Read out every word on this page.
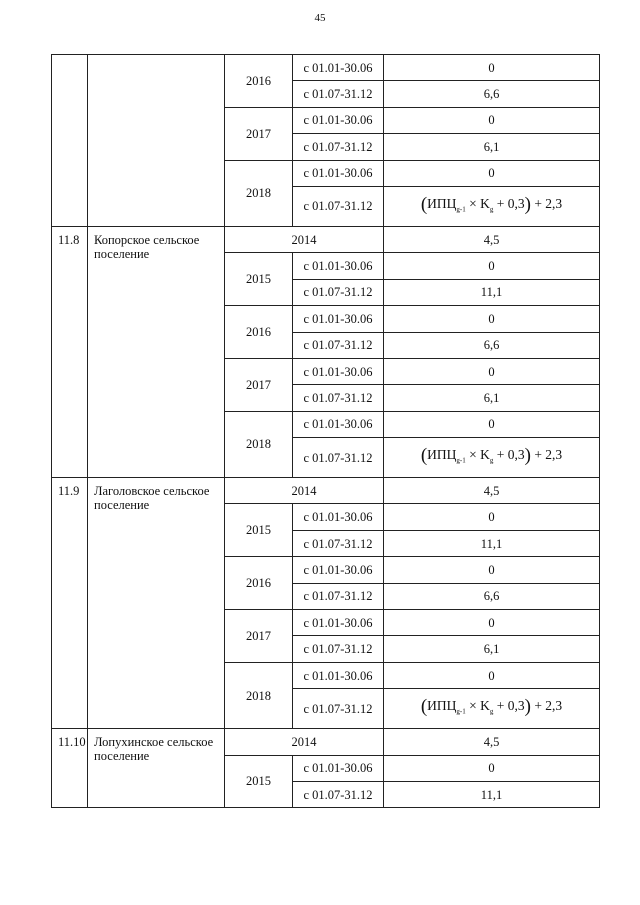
45
		2016	с 01.01-30.06	0
			с 01.07-31.12	6,6
		2017	с 01.01-30.06	0
			с 01.07-31.12	6,1
		2018	с 01.01-30.06	0
			с 01.07-31.12	$(ИПЦ_{g-1} \times K_g + 0,3) + 2,3$
11.8	Копорское сельское поселение	2014		4,5
		2015	с 01.01-30.06	0
			с 01.07-31.12	11,1
		2016	с 01.01-30.06	0
			с 01.07-31.12	6,6
		2017	с 01.01-30.06	0
			с 01.07-31.12	6,1
		2018	с 01.01-30.06	0
			с 01.07-31.12	$(ИПЦ_{g-1} \times K_g + 0,3) + 2,3$
11.9	Лаголовское сельское поселение	2014		4,5
		2015	с 01.01-30.06	0
			с 01.07-31.12	11,1
		2016	с 01.01-30.06	0
			с 01.07-31.12	6,6
		2017	с 01.01-30.06	0
			с 01.07-31.12	6,1
		2018	с 01.01-30.06	0
			с 01.07-31.12	$(ИПЦ_{g-1} \times K_g + 0,3) + 2,3$
11.10	Лопухинское сельское поселение	2014		4,5
		2015	с 01.01-30.06	0
			с 01.07-31.12	11,1
